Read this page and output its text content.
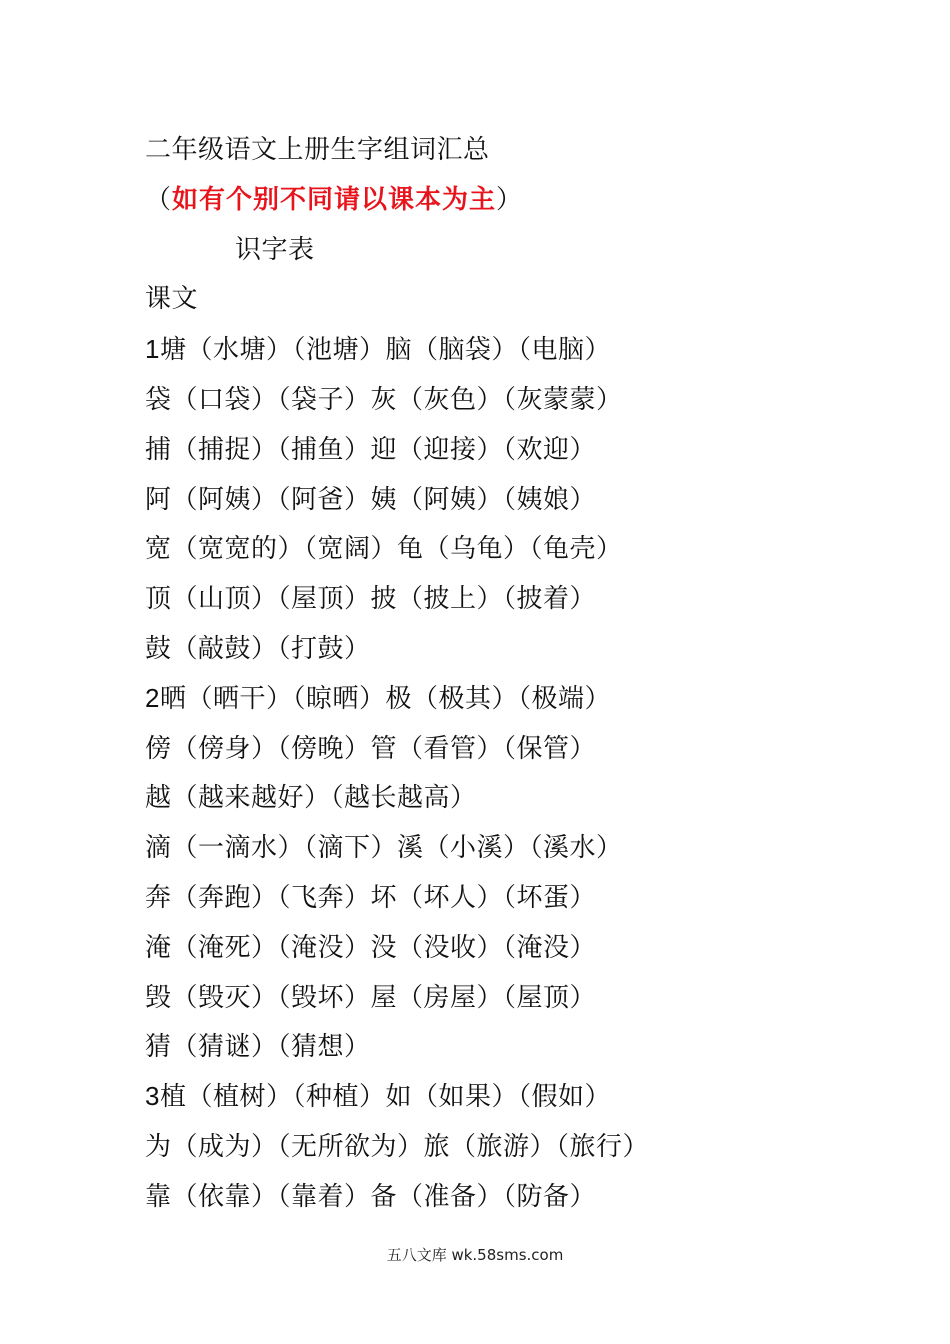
二年级语文上册生字组词汇总
（如有个别不同请以课本为主）
识字表
课文
1塘（水塘）（池塘）脑（脑袋）（电脑）
袋（口袋）（袋子）灰（灰色）（灰蒙蒙）
捕（捕捉）（捕鱼）迎（迎接）（欢迎）
阿（阿姨）（阿爸）姨（阿姨）（姨娘）
宽（宽宽的）（宽阔）龟（乌龟）（龟壳）
顶（山顶）（屋顶）披（披上）（披着）
鼓（敲鼓）（打鼓）
2晒（晒干）（晾晒）极（极其）（极端）
傍（傍身）（傍晚）管（看管）（保管）
越（越来越好）（越长越高）
滴（一滴水）（滴下）溪（小溪）（溪水）
奔（奔跑）（飞奔）坏（坏人）（坏蛋）
淹（淹死）（淹没）没（没收）（淹没）
毁（毁灭）（毁坏）屋（房屋）（屋顶）
猜（猜谜）（猜想）
3植（植树）（种植）如（如果）（假如）
为（成为）（无所欲为）旅（旅游）（旅行）
靠（依靠）（靠着）备（准备）（防备）
五八文库 wk.58sms.com
